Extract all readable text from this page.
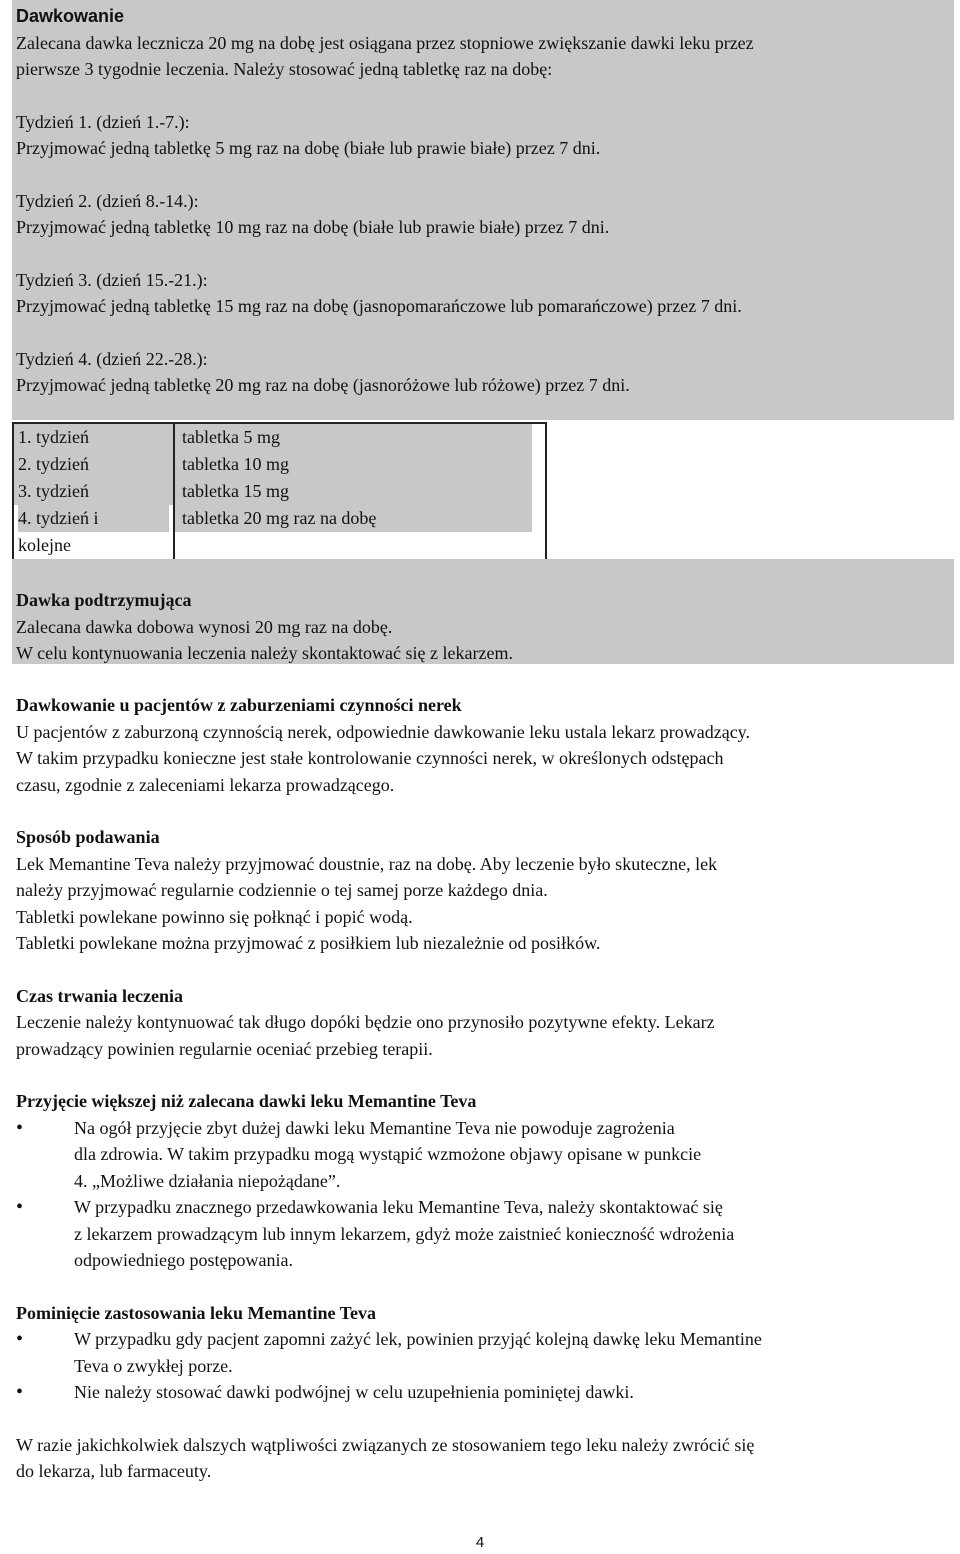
Dawkowanie

Zalecana dawka lecznicza 20 mg na dobę jest osiągana przez stopniowe zwiększanie dawki leku przez

pierwsze 3 tygodnie leczenia. Należy stosować jedną tabletkę raz na dobę:

Tydzień 1. (dzień 1.-7.):

Przyjmować jedną tabletkę 5 mg raz na dobę (białe lub prawie białe) przez 7 dni.

Tydzień 2. (dzień 8.-14.):

Przyjmować jedną tabletkę 10 mg raz na dobę (białe lub prawie białe) przez 7 dni.

Tydzień 3. (dzień 15.-21.):

Przyjmować jedną tabletkę 15 mg raz na dobę (jasnopomarańczowe lub pomarańczowe) przez 7 dni.

Tydzień 4. (dzień 22.-28.):

Przyjmować jedną tabletkę 20 mg raz na dobę (jasnoróżowe lub różowe) przez 7 dni.

1. tydzień	tabletka 5 mg

2. tydzień	tabletka 10 mg

3. tydzień	tabletka 15 mg

4. tydzień i
kolejne	tabletka 20 mg raz na dobę

Dawka podtrzymująca

Zalecana dawka dobowa wynosi 20 mg raz na dobę.

W celu kontynuowania leczenia należy skontaktować się z lekarzem.

Dawkowanie u pacjentów z zaburzeniami czynności nerek

U pacjentów z zaburzoną czynnością nerek, odpowiednie dawkowanie leku ustala lekarz prowadzący.

W takim przypadku konieczne jest stałe kontrolowanie czynności nerek, w określonych odstępach

czasu, zgodnie z zaleceniami lekarza prowadzącego.

Sposób podawania

Lek Memantine Teva należy przyjmować doustnie, raz na dobę. Aby leczenie było skuteczne, lek

należy przyjmować regularnie codziennie o tej samej porze każdego dnia.

Tabletki powlekane powinno się połknąć i popić wodą.

Tabletki powlekane można przyjmować z posiłkiem lub niezależnie od posiłków.

Czas trwania leczenia

Leczenie należy kontynuować tak długo dopóki będzie ono przynosiło pozytywne efekty. Lekarz

prowadzący powinien regularnie oceniać przebieg terapii.

Przyjęcie większej niż zalecana dawki leku Memantine Teva

•	Na ogół przyjęcie zbyt dużej dawki leku Memantine Teva nie powoduje zagrożenia
dla zdrowia. W takim przypadku mogą wystąpić wzmożone objawy opisane w punkcie
4. „Możliwe działania niepożądane”.
•	W przypadku znacznego przedawkowania leku Memantine Teva, należy skontaktować się
z lekarzem prowadzącym lub innym lekarzem, gdyż może zaistnieć konieczność wdrożenia
odpowiedniego postępowania.

Pominięcie zastosowania leku Memantine Teva

•	W przypadku gdy pacjent zapomni zażyć lek, powinien przyjąć kolejną dawkę leku Memantine
Teva o zwykłej porze.
•	Nie należy stosować dawki podwójnej w celu uzupełnienia pominiętej dawki.

W razie jakichkolwiek dalszych wątpliwości związanych ze stosowaniem tego leku należy zwrócić się

do lekarza, lub farmaceuty.

4
